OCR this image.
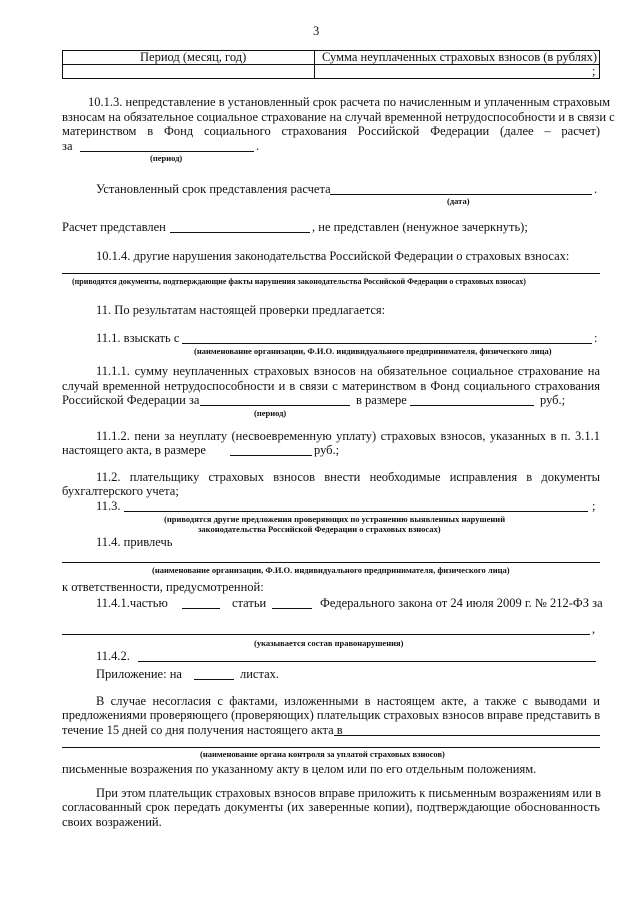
3
Период (месяц, год)	Сумма неуплаченных страховых взносов (в рублях)
;
10.1.3. непредставление в установленный срок расчета по начисленным и уплаченным страховым
взносам на обязательное социальное страхование на случай временной нетрудоспособности и в связи с
материнством в Фонд социального страхования Российской Федерации (далее – расчет)
за	.
(период)
Установленный срок представления расчета	.
(дата)
Расчет представлен	, не представлен (ненужное зачеркнуть);
10.1.4. другие нарушения законодательства Российской Федерации о страховых взносах:
(приводятся документы, подтверждающие факты нарушения законодательства Российской Федерации о страховых взносах)
11. По результатам настоящей проверки предлагается:
11.1. взыскать с	:
(наименование организации, Ф.И.О. индивидуального предпринимателя, физического лица)
11.1.1. сумму неуплаченных страховых взносов на обязательное социальное страхование на
случай временной нетрудоспособности и в связи с материнством в Фонд социального страхования
Российской Федерации за	в размере	руб.;
(период)
11.1.2. пени за неуплату (несвоевременную уплату) страховых взносов, указанных в п. 3.1.1
настоящего акта, в размере	руб.;
11.2. плательщику страховых взносов внести необходимые исправления в документы
бухгалтерского учета;
11.3.	;
(приводятся другие предложения проверяющих по устранению выявленных нарушений
законодательства Российской Федерации о страховых взносах)
11.4. привлечь
(наименование организации, Ф.И.О. индивидуального предпринимателя, физического лица)
к ответственности, предусмотренной:
11.4.1.частью	статьи	Федерального закона от 24 июля 2009 г. № 212-ФЗ за
,
(указывается состав правонарушения)
11.4.2.
Приложение: на	листах.
В случае несогласия с фактами, изложенными в настоящем акте, а также с выводами и
предложениями проверяющего (проверяющих) плательщик страховых взносов вправе представить в
течение 15 дней со дня получения настоящего акта в
(наименование органа контроля за уплатой страховых взносов)
письменные возражения по указанному акту в целом или по его отдельным положениям.
При этом плательщик страховых взносов вправе приложить к письменным возражениям или в
согласованный срок передать документы (их заверенные копии), подтверждающие обоснованность
своих возражений.
